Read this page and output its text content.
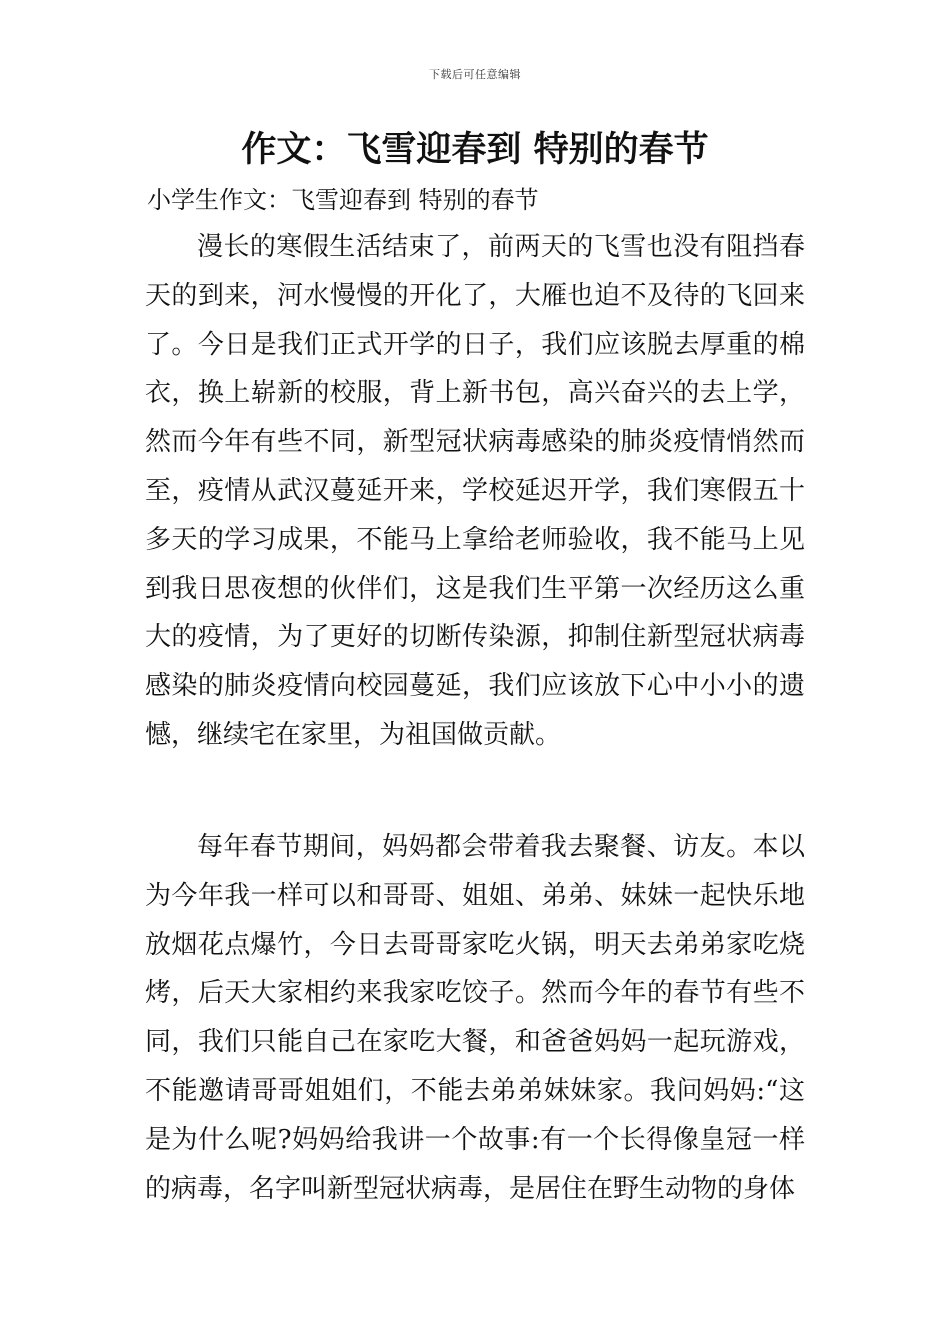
下载后可任意编辑
作文：飞雪迎春到 特别的春节
小学生作文：飞雪迎春到 特别的春节

漫长的寒假生活结束了，前两天的飞雪也没有阻挡春天的到来，河水慢慢的开化了，大雁也迫不及待的飞回来了。今日是我们正式开学的日子，我们应该脱去厚重的棉衣，换上崭新的校服，背上新书包，高兴奋兴的去上学，然而今年有些不同，新型冠状病毒感染的肺炎疫情悄然而至，疫情从武汉蔓延开来，学校延迟开学，我们寒假五十多天的学习成果，不能马上拿给老师验收，我不能马上见到我日思夜想的伙伴们，这是我们生平第一次经历这么重大的疫情，为了更好的切断传染源，抑制住新型冠状病毒感染的肺炎疫情向校园蔓延，我们应该放下心中小小的遗憾，继续宅在家里，为祖国做贡献。

每年春节期间，妈妈都会带着我去聚餐、访友。本以为今年我一样可以和哥哥、姐姐、弟弟、妹妹一起快乐地放烟花点爆竹，今日去哥哥家吃火锅，明天去弟弟家吃烧烤，后天大家相约来我家吃饺子。然而今年的春节有些不同，我们只能自己在家吃大餐，和爸爸妈妈一起玩游戏，不能邀请哥哥姐姐们，不能去弟弟妹妹家。我问妈妈:“这是为什么呢?妈妈给我讲一个故事:有一个长得像皇冠一样的病毒，名字叫新型冠状病毒，是居住在野生动物的身体
